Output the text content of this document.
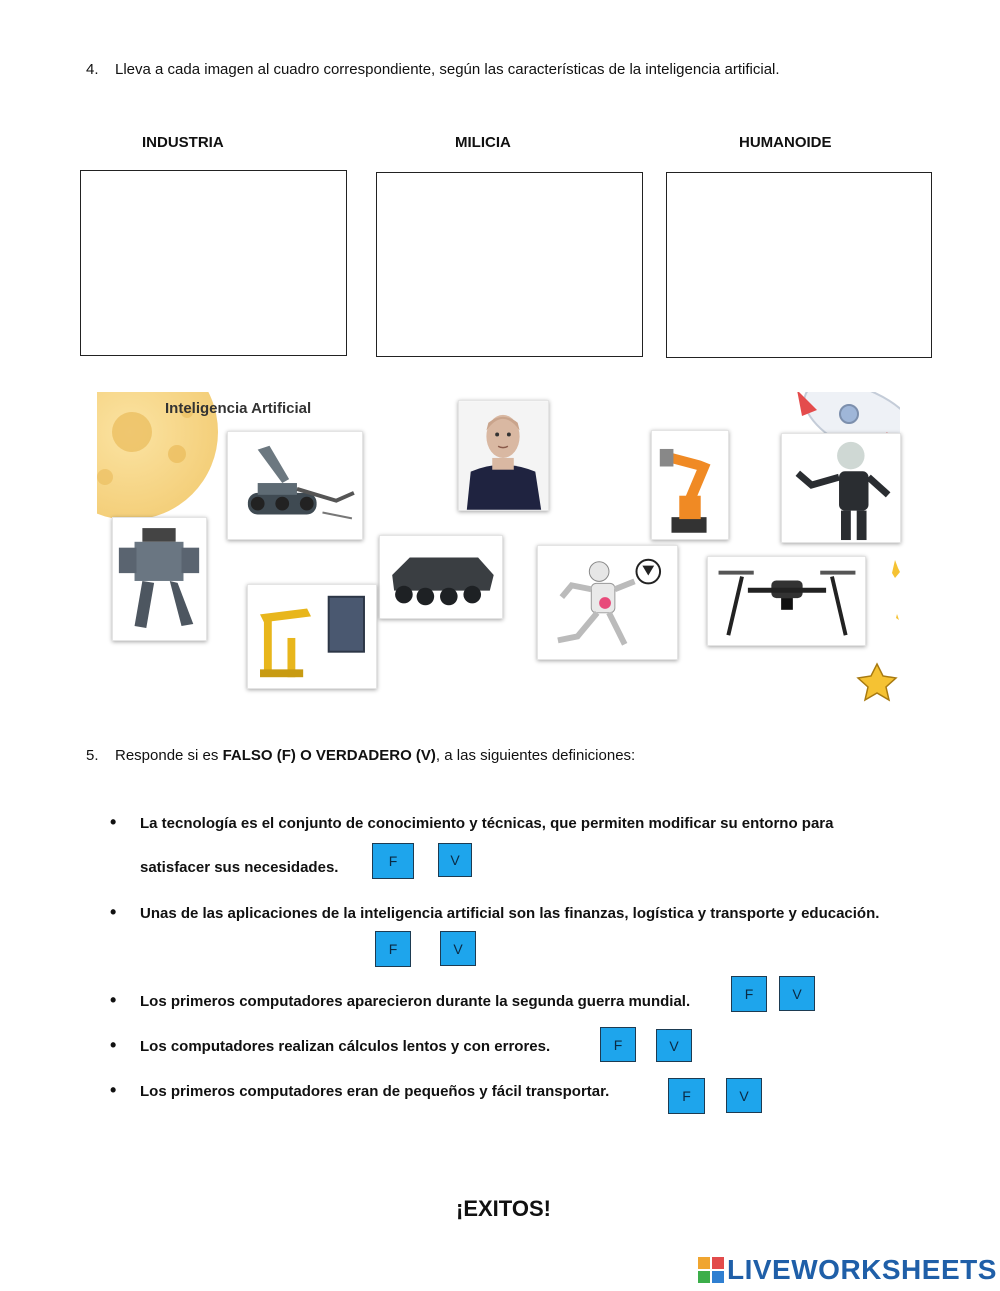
4. Lleva a cada imagen al cuadro correspondiente, según las características de la inteligencia artificial.
INDUSTRIA	MILICIA	HUMANOIDE
Inteligencia Artificial
5. Responde si es FALSO (F) O VERDADERO (V), a las siguientes definiciones:
• La tecnología es el conjunto de conocimiento y técnicas, que permiten modificar su entorno para
satisfacer sus necesidades.	F	V
• Unas de las aplicaciones de la inteligencia artificial son las finanzas, logística y transporte y educación.
F	V
• Los primeros computadores aparecieron durante la segunda guerra mundial.	F	V
• Los computadores realizan cálculos lentos y con errores.	F	V
• Los primeros computadores eran de pequeños y fácil transportar.	F	V
¡EXITOS!
LIVEWORKSHEETS
